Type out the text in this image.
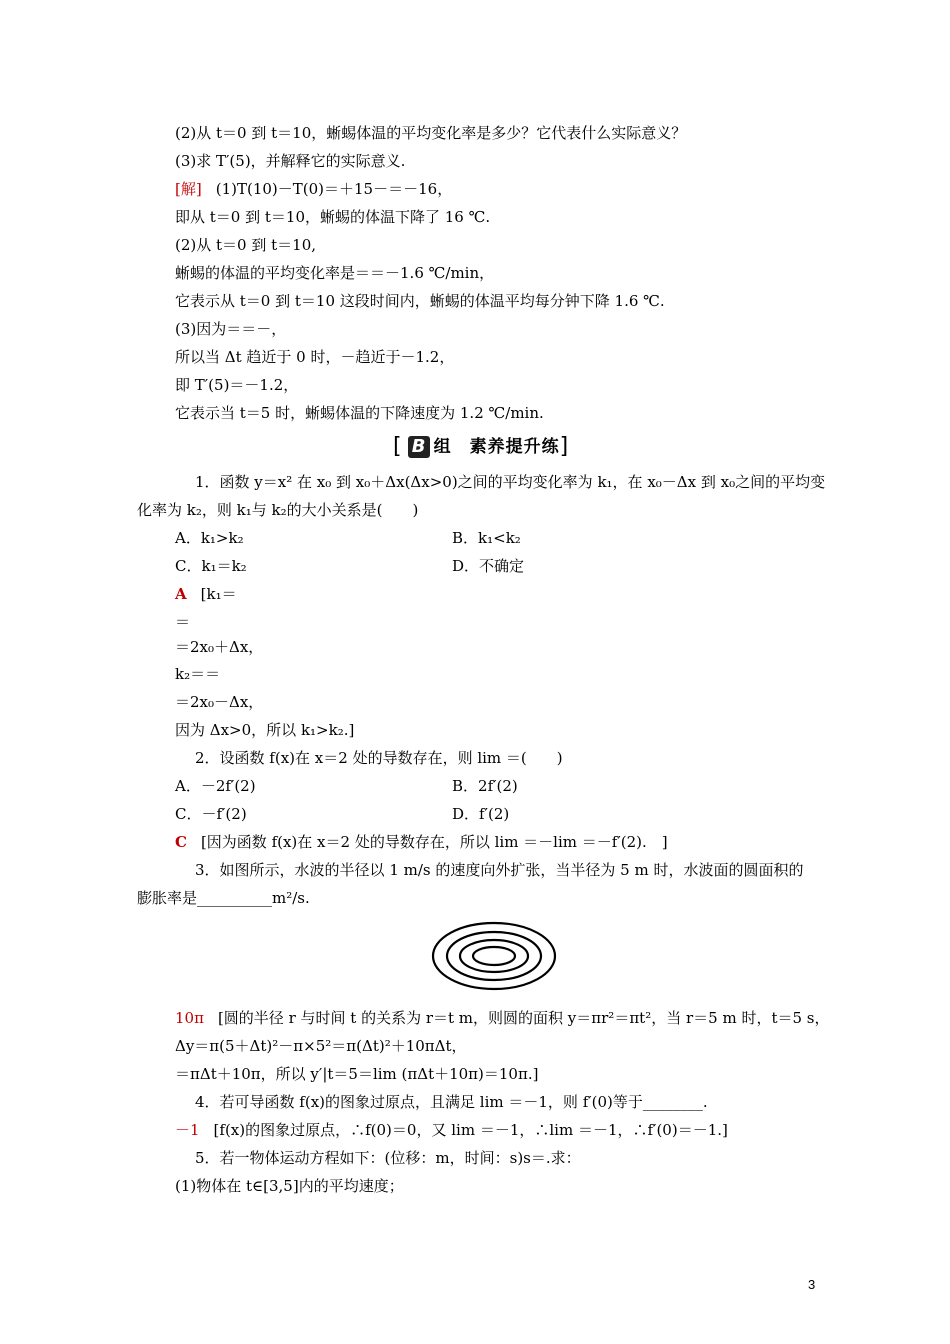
(2)从 t＝0 到 t＝10，蜥蜴体温的平均变化率是多少？它代表什么实际意义？
(3)求 T′(5)，并解释它的实际意义.
[解] (1)T(10)－T(0)＝＋15－＝－16，
即从 t＝0 到 t＝10，蜥蜴的体温下降了 16 ℃.
(2)从 t＝0 到 t＝10,
蜥蜴的体温的平均变化率是＝＝－1.6 ℃/min，
它表示从 t＝0 到 t＝10 这段时间内，蜥蜴的体温平均每分钟下降 1.6 ℃.
(3)因为＝＝－，
所以当 Δt 趋近于 0 时，－趋近于－1.2，
即 T′(5)＝－1.2，
它表示当 t＝5 时，蜥蜴体温的下降速度为 1.2 ℃/min.
[ B 组　素养提升练]
1．函数 y＝x² 在 x₀ 到 x₀＋Δx(Δx>0)之间的平均变化率为 k₁，在 x₀－Δx 到 x₀之间的平均变
化率为 k₂，则 k₁与 k₂的大小关系是(　　)
A．k₁>k₂	B．k₁<k₂
C．k₁＝k₂	D．不确定
A [k₁＝
＝
＝2x₀＋Δx，
k₂＝＝
＝2x₀－Δx，
因为 Δx>0，所以 k₁>k₂.]
2．设函数 f(x)在 x＝2 处的导数存在，则 lim ＝(　　)
A．－2f′(2)	B．2f′(2)
C．－f′(2)	D．f′(2)
C [因为函数 f(x)在 x＝2 处的导数存在，所以 lim ＝－lim ＝－f′(2).　]
3．如图所示，水波的半径以 1 m/s 的速度向外扩张，当半径为 5 m 时，水波面的圆面积的
膨胀率是__________m²/s.
10π [圆的半径 r 与时间 t 的关系为 r＝t m，则圆的面积 y＝πr²＝πt²，当 r＝5 m 时，t＝5 s，
Δy＝π(5＋Δt)²－π×5²＝π(Δt)²＋10πΔt，
＝πΔt＋10π，所以 y′|t＝5＝lim (πΔt＋10π)＝10π.]
4．若可导函数 f(x)的图象过原点，且满足 lim ＝－1，则 f′(0)等于________.
－1 [f(x)的图象过原点，∴f(0)＝0，又 lim ＝－1，∴lim ＝－1，∴f′(0)＝－1.]
5．若一物体运动方程如下：(位移：m，时间：s)s＝.求：
(1)物体在 t∈[3,5]内的平均速度；
3
